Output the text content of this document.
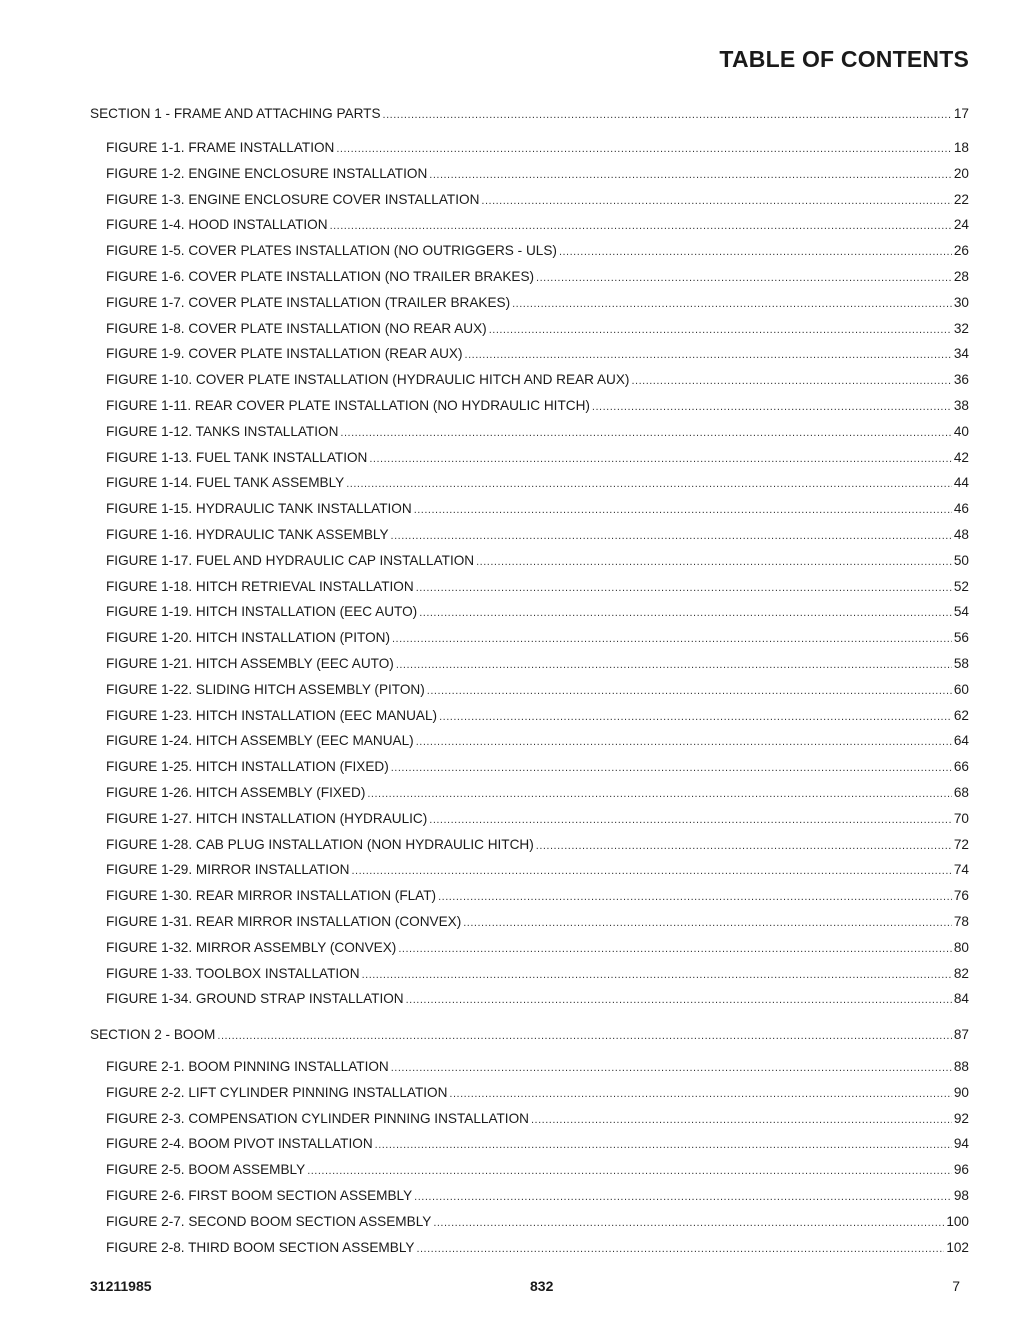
TABLE OF CONTENTS
SECTION 1 - FRAME AND ATTACHING PARTS .....	17
FIGURE 1-1. FRAME INSTALLATION .....	18
FIGURE 1-2. ENGINE ENCLOSURE INSTALLATION .....	20
FIGURE 1-3. ENGINE ENCLOSURE COVER INSTALLATION .....	22
FIGURE 1-4. HOOD INSTALLATION .....	24
FIGURE 1-5. COVER PLATES INSTALLATION (NO OUTRIGGERS - ULS) .....	26
FIGURE 1-6. COVER PLATE INSTALLATION (NO TRAILER BRAKES) .....	28
FIGURE 1-7. COVER PLATE INSTALLATION (TRAILER BRAKES) .....	30
FIGURE 1-8. COVER PLATE INSTALLATION (NO REAR AUX) .....	32
FIGURE 1-9. COVER PLATE INSTALLATION (REAR AUX) .....	34
FIGURE 1-10. COVER PLATE INSTALLATION (HYDRAULIC HITCH AND REAR AUX) .....	36
FIGURE 1-11. REAR COVER PLATE INSTALLATION (NO HYDRAULIC HITCH) .....	38
FIGURE 1-12. TANKS INSTALLATION .....	40
FIGURE 1-13. FUEL TANK INSTALLATION .....	42
FIGURE 1-14. FUEL TANK ASSEMBLY .....	44
FIGURE 1-15. HYDRAULIC TANK INSTALLATION .....	46
FIGURE 1-16. HYDRAULIC TANK ASSEMBLY .....	48
FIGURE 1-17. FUEL AND HYDRAULIC CAP INSTALLATION .....	50
FIGURE 1-18. HITCH RETRIEVAL INSTALLATION .....	52
FIGURE 1-19. HITCH INSTALLATION (EEC AUTO) .....	54
FIGURE 1-20. HITCH INSTALLATION (PITON) .....	56
FIGURE 1-21. HITCH ASSEMBLY (EEC AUTO) .....	58
FIGURE 1-22. SLIDING HITCH ASSEMBLY (PITON) .....	60
FIGURE 1-23. HITCH INSTALLATION (EEC MANUAL) .....	62
FIGURE 1-24. HITCH ASSEMBLY (EEC MANUAL) .....	64
FIGURE 1-25. HITCH INSTALLATION (FIXED) .....	66
FIGURE 1-26. HITCH ASSEMBLY (FIXED) .....	68
FIGURE 1-27. HITCH INSTALLATION (HYDRAULIC) .....	70
FIGURE 1-28. CAB PLUG INSTALLATION (NON HYDRAULIC HITCH) .....	72
FIGURE 1-29. MIRROR INSTALLATION .....	74
FIGURE 1-30. REAR MIRROR INSTALLATION (FLAT) .....	76
FIGURE 1-31. REAR MIRROR INSTALLATION (CONVEX) .....	78
FIGURE 1-32. MIRROR ASSEMBLY (CONVEX) .....	80
FIGURE 1-33. TOOLBOX INSTALLATION .....	82
FIGURE 1-34. GROUND STRAP INSTALLATION .....	84
SECTION 2 - BOOM .....	87
FIGURE 2-1. BOOM PINNING INSTALLATION .....	88
FIGURE 2-2. LIFT CYLINDER PINNING INSTALLATION .....	90
FIGURE 2-3. COMPENSATION CYLINDER PINNING INSTALLATION .....	92
FIGURE 2-4. BOOM PIVOT INSTALLATION .....	94
FIGURE 2-5. BOOM ASSEMBLY .....	96
FIGURE 2-6. FIRST BOOM SECTION ASSEMBLY .....	98
FIGURE 2-7. SECOND BOOM SECTION ASSEMBLY .....	100
FIGURE 2-8. THIRD BOOM SECTION ASSEMBLY .....	102
31211985	832	7
